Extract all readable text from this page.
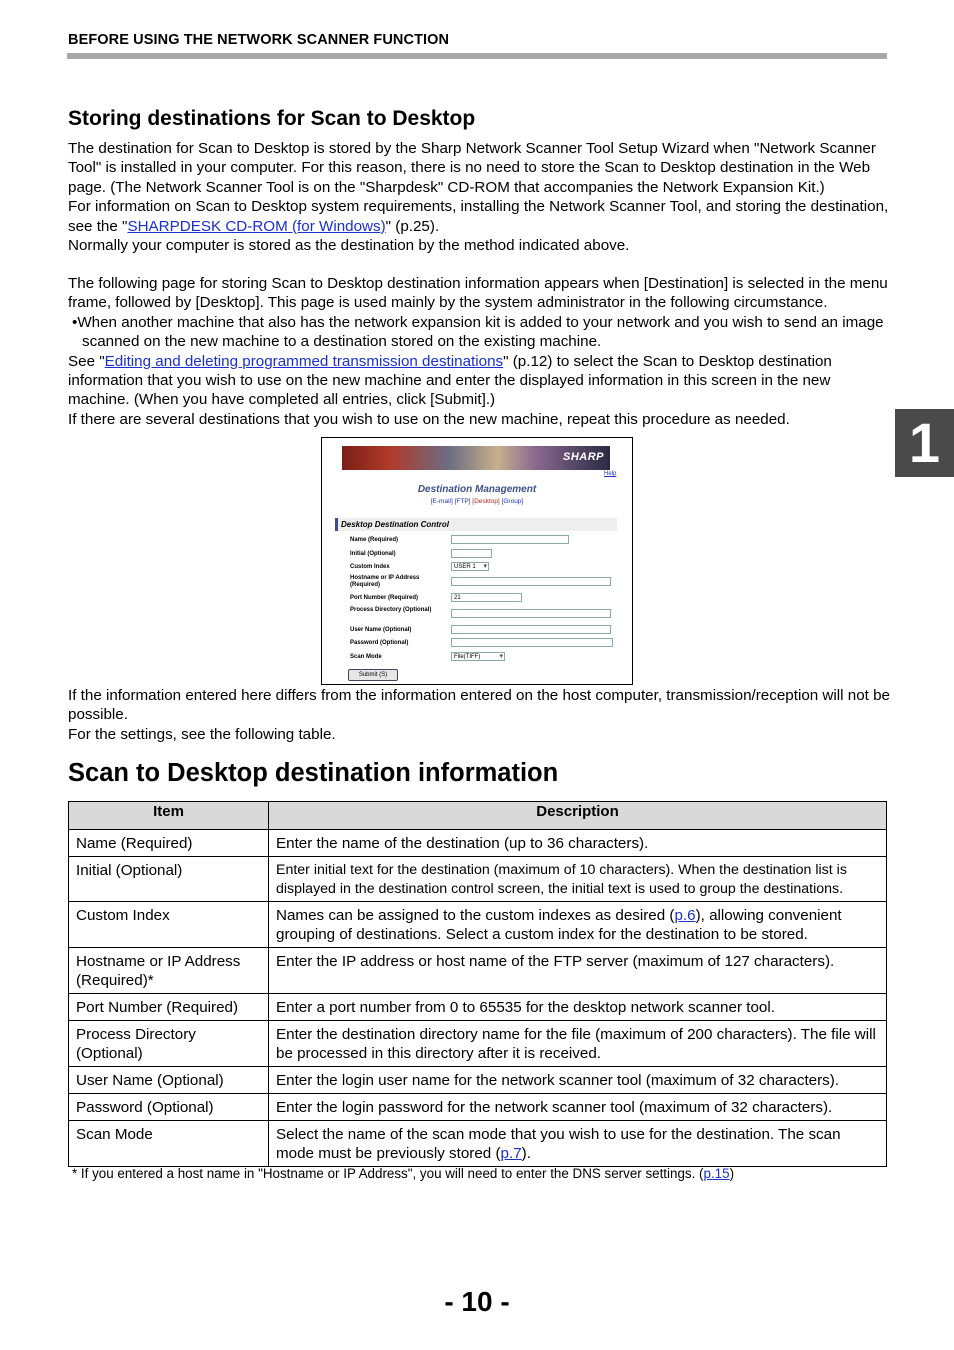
BEFORE USING THE NETWORK SCANNER FUNCTION
1
Storing destinations for Scan to Desktop

The destination for Scan to Desktop is stored by the Sharp Network Scanner Tool Setup Wizard when "Network Scanner Tool" is installed in your computer. For this reason, there is no need to store the Scan to Desktop destination in the Web page. (The Network Scanner Tool is on the "Sharpdesk" CD-ROM that accompanies the Network Expansion Kit.)

For information on Scan to Desktop system requirements, installing the Network Scanner Tool, and storing the destination, see the "SHARPDESK CD-ROM (for Windows)" (p.25).

Normally your computer is stored as the destination by the method indicated above.

The following page for storing Scan to Desktop destination information appears when [Destination] is selected in the menu frame, followed by [Desktop]. This page is used mainly by the system administrator in the following circumstance.

•When another machine that also has the network expansion kit is added to your network and you wish to send an image scanned on the new machine to a destination stored on the existing machine.

See "Editing and deleting programmed transmission destinations" (p.12) to select the Scan to Desktop destination information that you wish to use on the new machine and enter the displayed information in this screen in the new machine. (When you have completed all entries, click [Submit].)

If there are several destinations that you wish to use on the new machine, repeat this procedure as needed.

SHARP
Help
Destination Management
[E-mail] [FTP] [Desktop] [Group]
Desktop Destination Control
Name (Required)
Initial (Optional)
Custom Index	USER 1 ▾
Hostname or IP Address (Required)
Port Number (Required)	21
Process Directory (Optional)
User Name (Optional)
Password (Optional)
Scan Mode	File(TIFF) ▾
Submit (S)

If the information entered here differs from the information entered on the host computer, transmission/reception will not be possible.

For the settings, see the following table.

Scan to Desktop destination information
Item	Description
Name (Required)	Enter the name of the destination (up to 36 characters).
Initial (Optional)	Enter initial text for the destination (maximum of 10 characters). When the destination list is displayed in the destination control screen, the initial text is used to group the destinations.
Custom Index	Names can be assigned to the custom indexes as desired (p.6), allowing convenient grouping of destinations. Select a custom index for the destination to be stored.
Hostname or IP Address (Required)*	Enter the IP address or host name of the FTP server (maximum of 127 characters).
Port Number (Required)	Enter a port number from 0 to 65535 for the desktop network scanner tool.
Process Directory (Optional)	Enter the destination directory name for the file (maximum of 200 characters). The file will be processed in this directory after it is received.
User Name (Optional)	Enter the login user name for the network scanner tool (maximum of 32 characters).
Password (Optional)	Enter the login password for the network scanner tool (maximum of 32 characters).
Scan Mode	Select the name of the scan mode that you wish to use for the destination. The scan mode must be previously stored (p.7).
* If you entered a host name in "Hostname or IP Address", you will need to enter the DNS server settings. (p.15)
- 10 -
